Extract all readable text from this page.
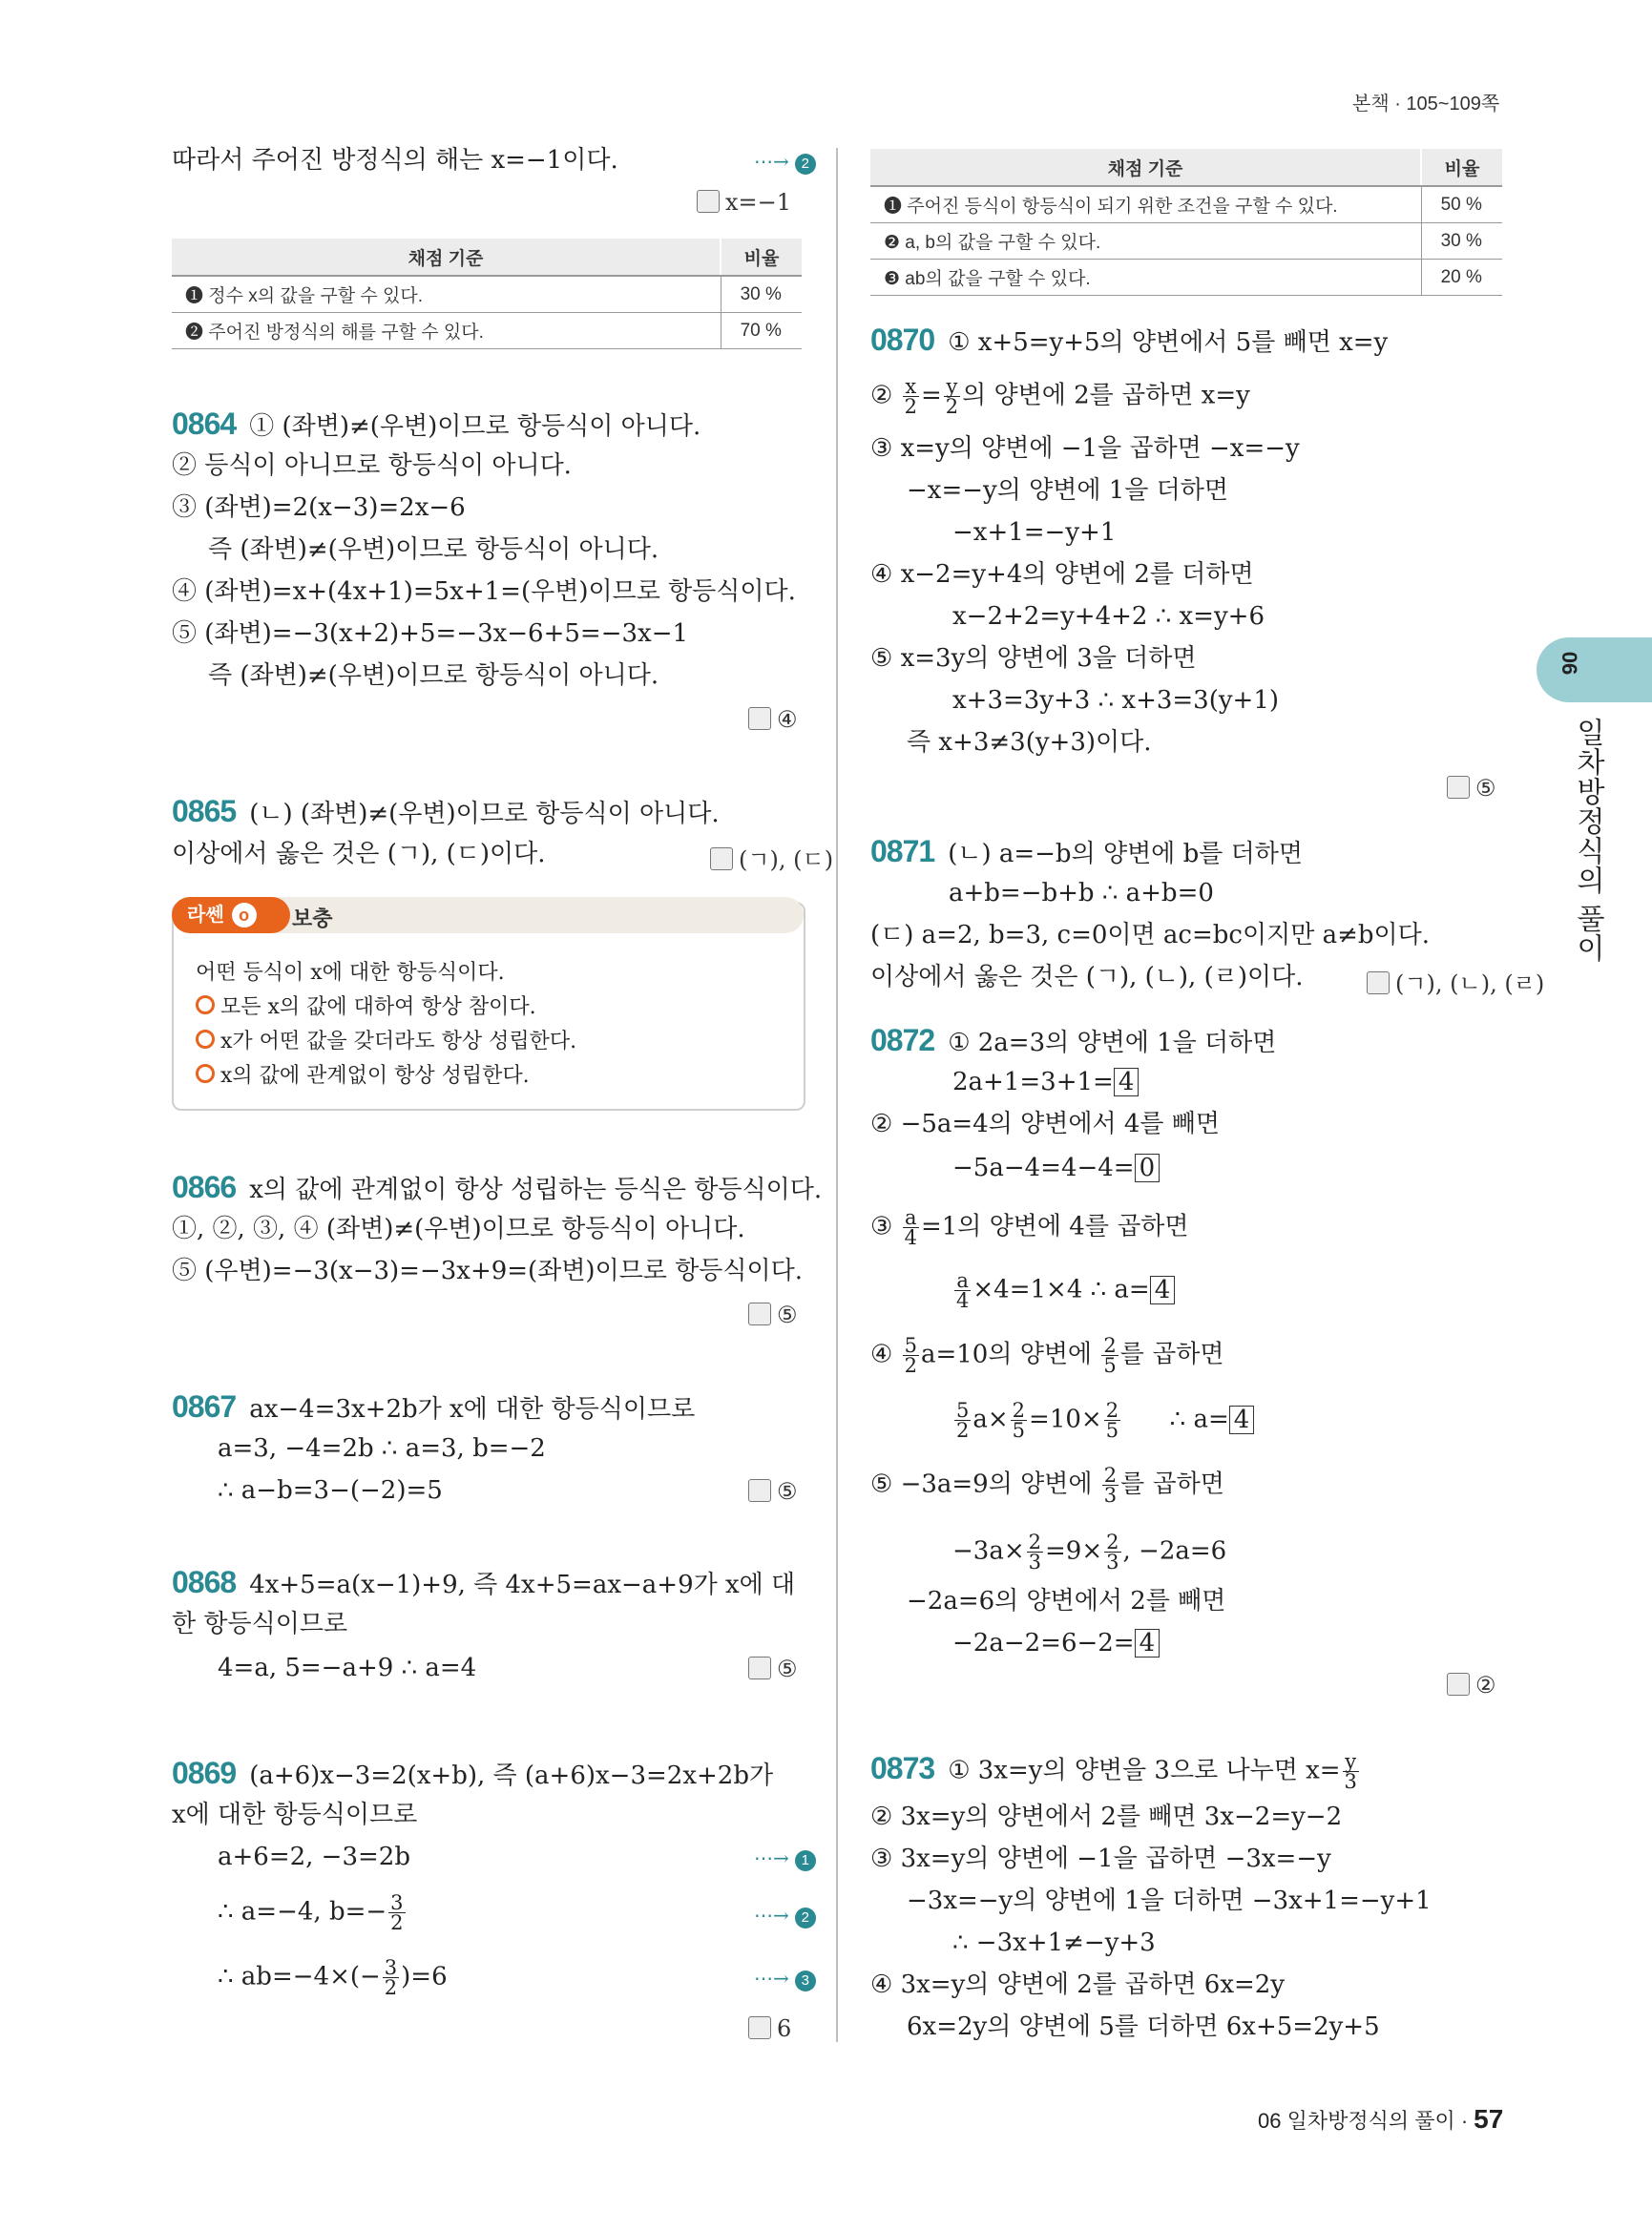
본책 · 105~109쪽
따라서 주어진 방정식의 해는 x=−1이다.	⋯→ 2
x=−1
채점 기준	비율
❶ 정수 x의 값을 구할 수 있다.	30 %
❷ 주어진 방정식의 해를 구할 수 있다.	70 %
0864 ① (좌변)≠(우변)이므로 항등식이 아니다.
② 등식이 아니므로 항등식이 아니다.
③ (좌변)=2(x−3)=2x−6
즉 (좌변)≠(우변)이므로 항등식이 아니다.
④ (좌변)=x+(4x+1)=5x+1=(우변)이므로 항등식이다.
⑤ (좌변)=−3(x+2)+5=−3x−6+5=−3x−1
즉 (좌변)≠(우변)이므로 항등식이 아니다.
④
0865 (ㄴ) (좌변)≠(우변)이므로 항등식이 아니다.
이상에서 옳은 것은 (ㄱ), (ㄷ)이다.	(ㄱ), (ㄷ)
라쎈 o	보충
어떤 등식이 x에 대한 항등식이다.
모든 x의 값에 대하여 항상 참이다.
x가 어떤 값을 갖더라도 항상 성립한다.
x의 값에 관계없이 항상 성립한다.
0866 x의 값에 관계없이 항상 성립하는 등식은 항등식이다.
①, ②, ③, ④ (좌변)≠(우변)이므로 항등식이 아니다.
⑤ (우변)=−3(x−3)=−3x+9=(좌변)이므로 항등식이다.
⑤
0867 ax−4=3x+2b가 x에 대한 항등식이므로
a=3, −4=2b ∴ a=3, b=−2
∴ a−b=3−(−2)=5	⑤
0868 4x+5=a(x−1)+9, 즉 4x+5=ax−a+9가 x에 대
한 항등식이므로
4=a, 5=−a+9 ∴ a=4	⑤
0869 (a+6)x−3=2(x+b), 즉 (a+6)x−3=2x+2b가
x에 대한 항등식이므로
a+6=2, −3=2b	⋯→ 1
∴ a=−4, $b=- \frac{3}{2}$	⋯→ 2
∴ $ab=-4\times(- \frac{3}{2} )=6$	⋯→ 3
6
채점 기준	비율
❶ 주어진 등식이 항등식이 되기 위한 조건을 구할 수 있다.	50 %
❷ a, b의 값을 구할 수 있다.	30 %
❸ ab의 값을 구할 수 있다.	20 %
0870 ① x+5=y+5의 양변에서 5를 빼면 x=y
② $\frac{x}{2} = \frac{y}{2}$ 의 양변에 2를 곱하면 x=y
③ x=y의 양변에 −1을 곱하면 −x=−y
−x=−y의 양변에 1을 더하면
−x+1=−y+1
④ x−2=y+4의 양변에 2를 더하면
x−2+2=y+4+2 ∴ x=y+6
⑤ x=3y의 양변에 3을 더하면
x+3=3y+3 ∴ x+3=3(y+1)
즉 x+3≠3(y+3)이다.
⑤
0871 (ㄴ) a=−b의 양변에 b를 더하면
a+b=−b+b ∴ a+b=0
(ㄷ) a=2, b=3, c=0이면 ac=bc이지만 a≠b이다.
이상에서 옳은 것은 (ㄱ), (ㄴ), (ㄹ)이다.	(ㄱ), (ㄴ), (ㄹ)
0872 ① 2a=3의 양변에 1을 더하면
2a+1=3+1= 4
② −5a=4의 양변에서 4를 빼면
−5a−4=4−4= 0
③ $\frac{a}{4} =1$의 양변에 4를 곱하면
$\frac{a}{4} \times 4=1\times 4$ ∴ a= 4
④ $\frac{5}{2} a=10$의 양변에 $\frac{2}{5}$ 를 곱하면
$\frac{5}{2} a\times \frac{2}{5} =10\times \frac{2}{5}$ ∴ a= 4
⑤ −3a=9의 양변에 $\frac{2}{3}$ 를 곱하면
$-3a\times \frac{2}{3} =9\times \frac{2}{3}$ , −2a=6
−2a=6의 양변에서 2를 빼면
−2a−2=6−2= 4
②
0873 ① 3x=y의 양변을 3으로 나누면 $x= \frac{y}{3}$
② 3x=y의 양변에서 2를 빼면 3x−2=y−2
③ 3x=y의 양변에 −1을 곱하면 −3x=−y
−3x=−y의 양변에 1을 더하면 −3x+1=−y+1
∴ −3x+1≠−y+3
④ 3x=y의 양변에 2를 곱하면 6x=2y
6x=2y의 양변에 5를 더하면 6x+5=2y+5
06
일차방정식의 풀이
06 일차방정식의 풀이 · 57
